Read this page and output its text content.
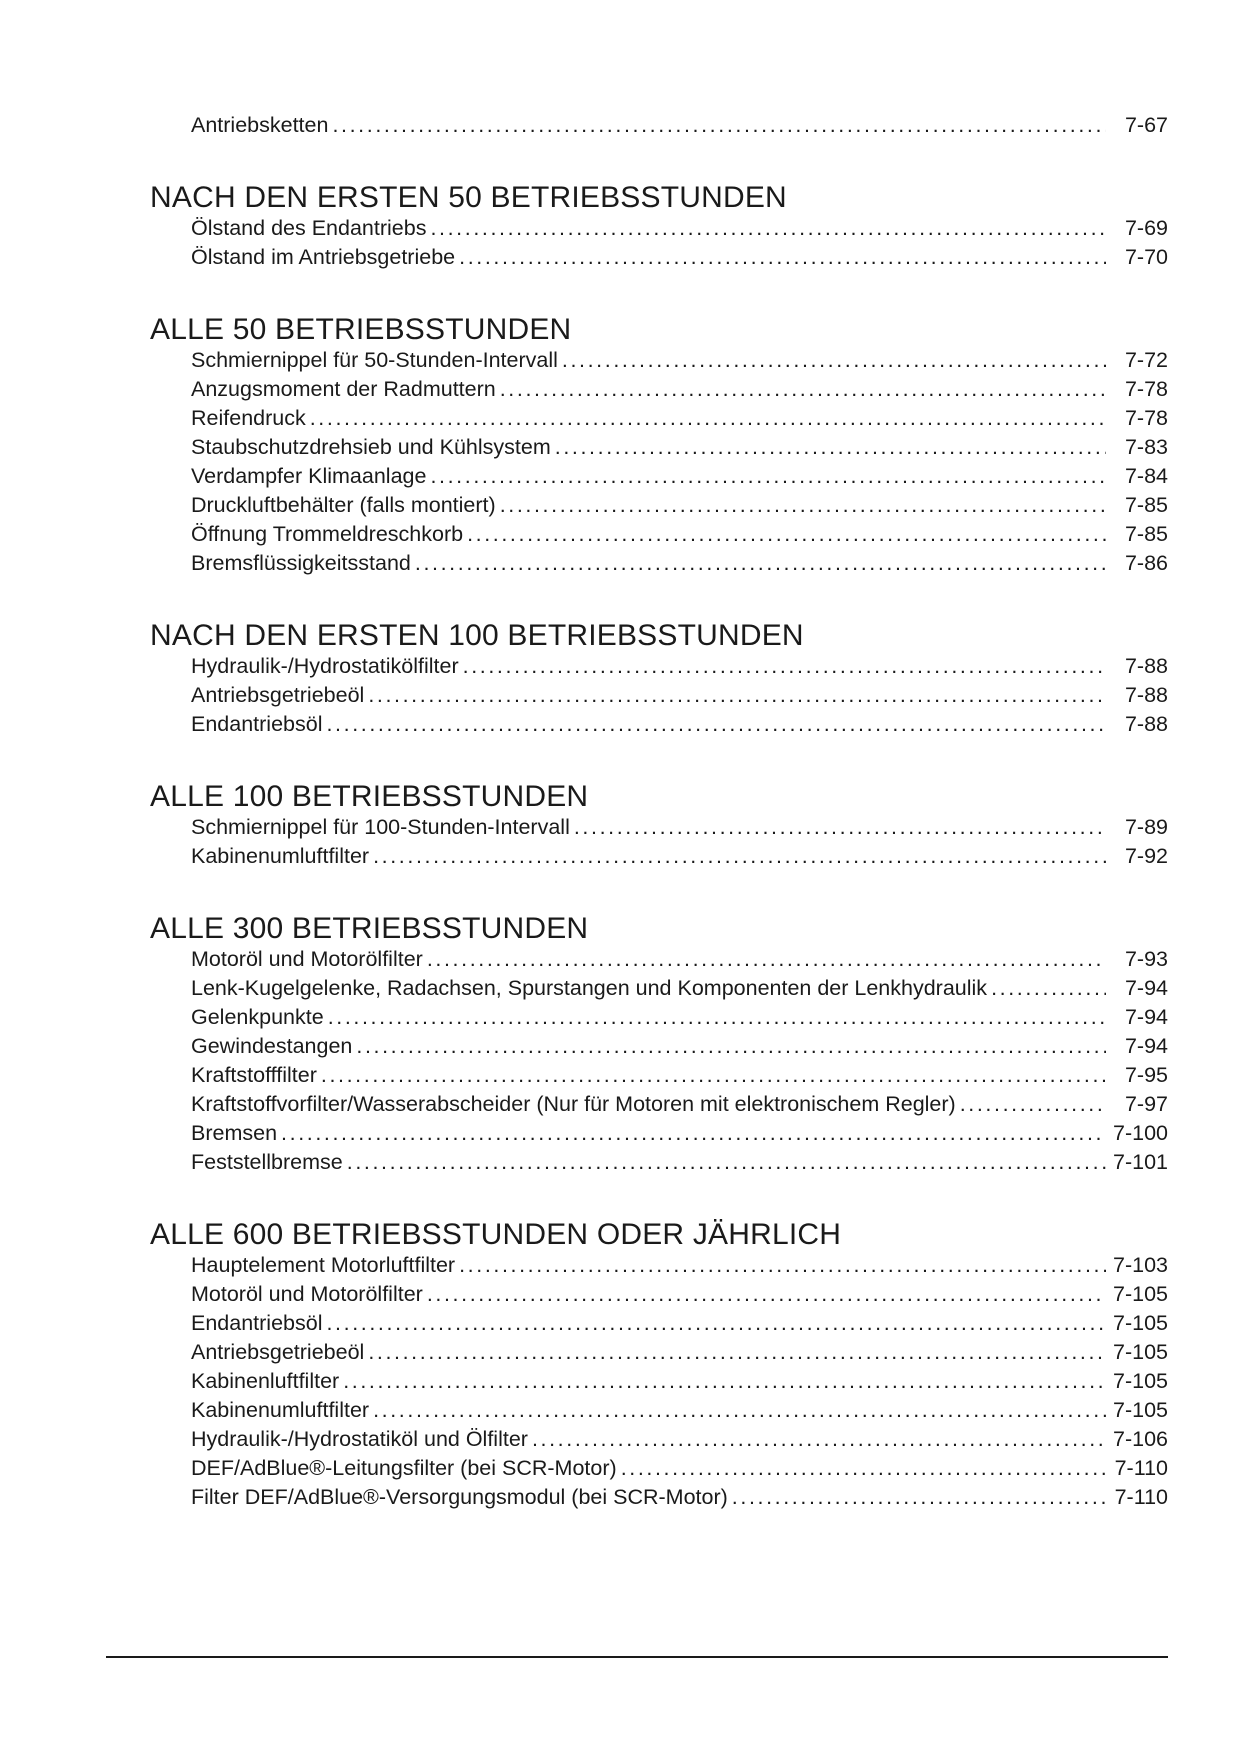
Antriebsketten .....	7-67
NACH DEN ERSTEN 50 BETRIEBSSTUNDEN
Ölstand des Endantriebs .....	7-69
Ölstand im Antriebsgetriebe .....	7-70
ALLE 50 BETRIEBSSTUNDEN
Schmiernippel für 50-Stunden-Intervall .....	7-72
Anzugsmoment der Radmuttern .....	7-78
Reifendruck .....	7-78
Staubschutzdrehsieb und Kühlsystem .....	7-83
Verdampfer Klimaanlage .....	7-84
Druckluftbehälter (falls montiert) .....	7-85
Öffnung Trommeldreschkorb .....	7-85
Bremsflüssigkeitsstand .....	7-86
NACH DEN ERSTEN 100 BETRIEBSSTUNDEN
Hydraulik-/Hydrostatikölfilter .....	7-88
Antriebsgetriebeöl .....	7-88
Endantriebsöl .....	7-88
ALLE 100 BETRIEBSSTUNDEN
Schmiernippel für 100-Stunden-Intervall .....	7-89
Kabinenumluftfilter .....	7-92
ALLE 300 BETRIEBSSTUNDEN
Motoröl und Motorölfilter .....	7-93
Lenk-Kugelgelenke, Radachsen, Spurstangen und Komponenten der Lenkhydraulik .....	7-94
Gelenkpunkte .....	7-94
Gewindestangen .....	7-94
Kraftstofffilter .....	7-95
Kraftstoffvorfilter/Wasserabscheider (Nur für Motoren mit elektronischem Regler) .....	7-97
Bremsen .....	7-100
Feststellbremse .....	7-101
ALLE 600 BETRIEBSSTUNDEN ODER JÄHRLICH
Hauptelement Motorluftfilter .....	7-103
Motoröl und Motorölfilter .....	7-105
Endantriebsöl .....	7-105
Antriebsgetriebeöl .....	7-105
Kabinenluftfilter .....	7-105
Kabinenumluftfilter .....	7-105
Hydraulik-/Hydrostatiköl und Ölfilter .....	7-106
DEF/AdBlue®-Leitungsfilter (bei SCR-Motor) .....	7-110
Filter DEF/AdBlue®-Versorgungsmodul (bei SCR-Motor) .....	7-110
